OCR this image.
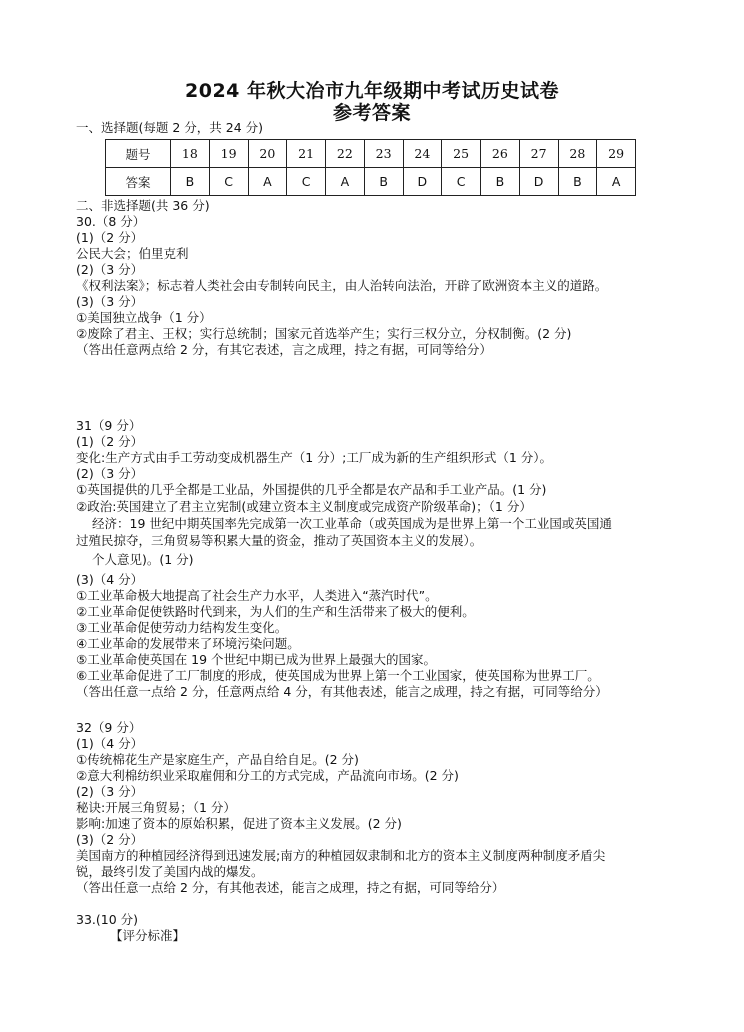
2024 年秋大冶市九年级期中考试历史试卷
参考答案
一、选择题(每题 2 分，共 24 分)
题号	18	19	20	21	22	23	24	25	26	27	28	29
答案	B	C	A	C	A	B	D	C	B	D	B	A
二、非选择题(共 36 分)
30.（8 分）
(1)（2 分）
公民大会；伯里克利
(2)（3 分）
《权利法案》；标志着人类社会由专制转向民主，由人治转向法治，开辟了欧洲资本主义的道路。
(3)（3 分）
①美国独立战争（1 分）
②废除了君主、王权；实行总统制；国家元首选举产生；实行三权分立，分权制衡。(2 分)
（答出任意两点给 2 分，有其它表述，言之成理，持之有据，可同等给分）
31（9 分）
(1)（2 分）
变化:生产方式由手工劳动变成机器生产（1 分）;工厂成为新的生产组织形式（1 分）。
(2)（3 分）
①英国提供的几乎全都是工业品，外国提供的几乎全都是农产品和手工业产品。(1 分)
②政治:英国建立了君主立宪制(或建立资本主义制度或完成资产阶级革命)；（1 分）
经济：19 世纪中期英国率先完成第一次工业革命（或英国成为是世界上第一个工业国或英国通
过殖民掠夺，三角贸易等积累大量的资金，推动了英国资本主义的发展）。
个人意见)。(1 分)
(3)（4 分）
①工业革命极大地提高了社会生产力水平，人类进入“蒸汽时代”。
②工业革命促使铁路时代到来，为人们的生产和生活带来了极大的便利。
③工业革命促使劳动力结构发生变化。
④工业革命的发展带来了环境污染问题。
⑤工业革命使英国在 19 个世纪中期已成为世界上最强大的国家。
⑥工业革命促进了工厂制度的形成，使英国成为世界上第一个工业国家，使英国称为世界工厂。
（答出任意一点给 2 分，任意两点给 4 分，有其他表述，能言之成理，持之有据，可同等给分）
32（9 分）
(1)（4 分）
①传统棉花生产是家庭生产，产品自给自足。(2 分)
②意大利棉纺织业采取雇佣和分工的方式完成，产品流向市场。(2 分)
(2)（3 分）
秘诀:开展三角贸易；（1 分）
影响:加速了资本的原始积累，促进了资本主义发展。(2 分)
(3)（2 分）
美国南方的种植园经济得到迅速发展;南方的种植园奴隶制和北方的资本主义制度两种制度矛盾尖
锐，最终引发了美国内战的爆发。
（答出任意一点给 2 分，有其他表述，能言之成理，持之有据，可同等给分）
33.(10 分)
【评分标准】
